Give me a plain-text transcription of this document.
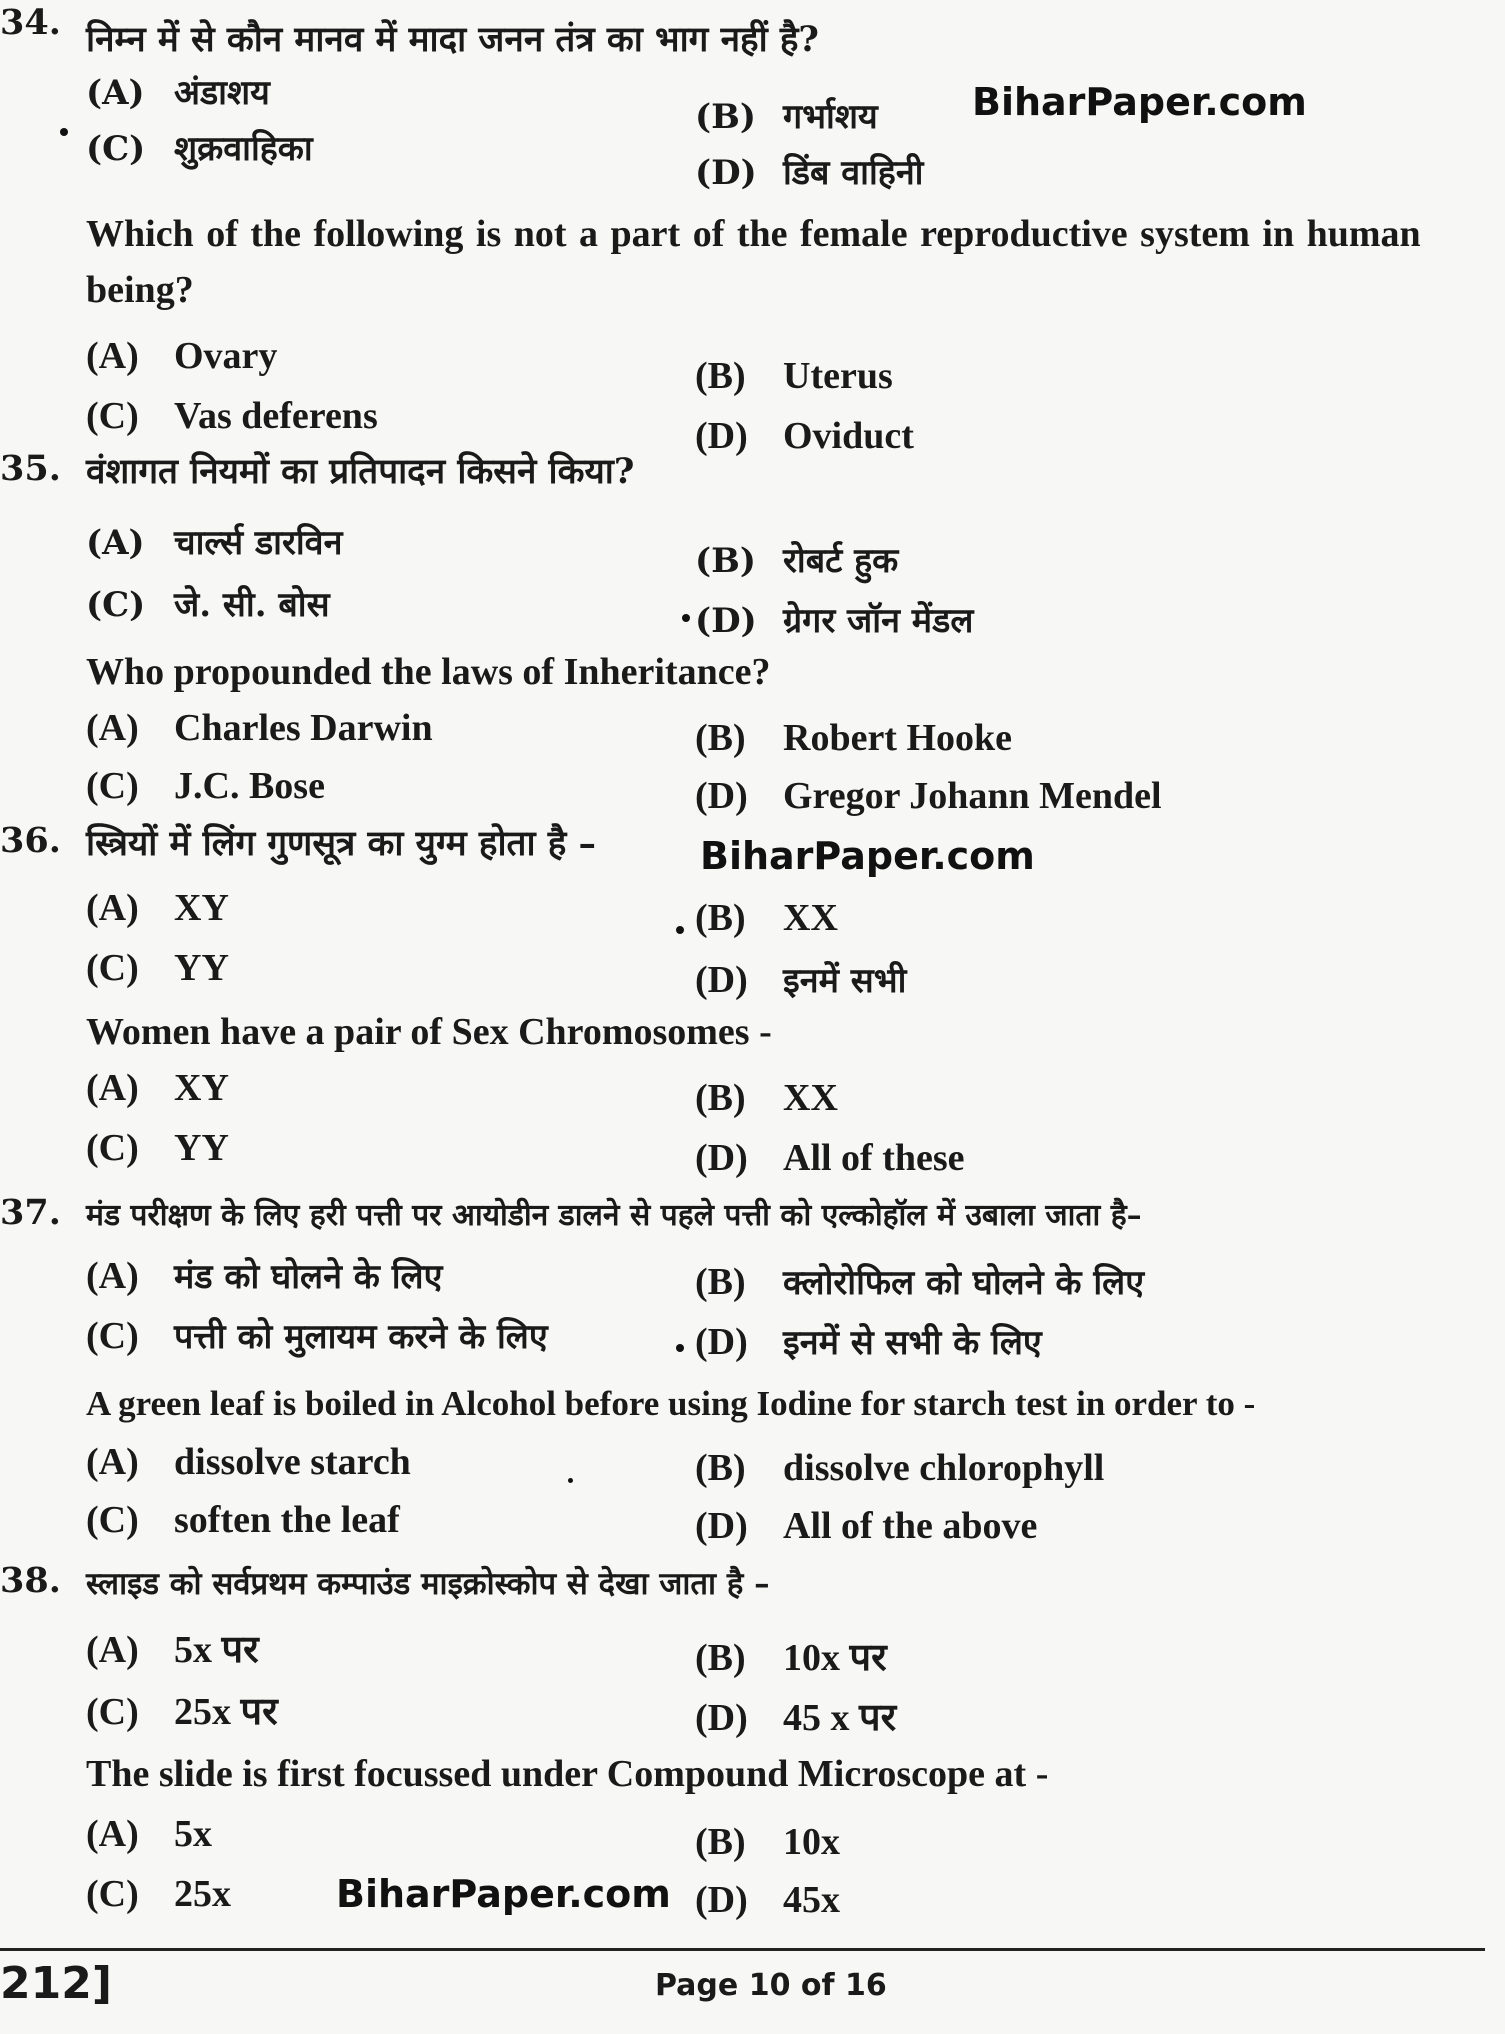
34. निम्न में से कौन मानव में मादा जनन तंत्र का भाग नहीं है?
(A) अंडाशय
(B) गर्भाशय BiharPaper.com
(C) शुक्रवाहिका
(D) डिंब वाहिनी
Which of the following is not a part of the female reproductive system in human
being?
(A) Ovary	(B) Uterus
(C) Vas deferens	(D) Oviduct
35. वंशागत नियमों का प्रतिपादन किसने किया?
(A) चार्ल्स डारविन	(B) रोबर्ट हुक
(C) जे. सी. बोस	(D) ग्रेगर जॉन मेंडल
Who propounded the laws of Inheritance?
(A) Charles Darwin	(B) Robert Hooke
(C) J.C. Bose	(D) Gregor Johann Mendel
36. स्त्रियों में लिंग गुणसूत्र का युग्म होता है –	BiharPaper.com
(A) XY	(B) XX
(C) YY	(D) इनमें सभी
Women have a pair of Sex Chromosomes -
(A) XY	(B) XX
(C) YY	(D) All of these
37. मंड परीक्षण के लिए हरी पत्ती पर आयोडीन डालने से पहले पत्ती को एल्कोहॉल में उबाला जाता है–
(A) मंड को घोलने के लिए	(B) क्लोरोफिल को घोलने के लिए
(C) पत्ती को मुलायम करने के लिए	(D) इनमें से सभी के लिए
A green leaf is boiled in Alcohol before using Iodine for starch test in order to -
(A) dissolve starch	(B) dissolve chlorophyll
(C) soften the leaf	(D) All of the above
38. स्लाइड को सर्वप्रथम कम्पाउंड माइक्रोस्कोप से देखा जाता है –
(A) 5x पर	(B) 10x पर
(C) 25x पर	(D) 45 x पर
The slide is first focussed under Compound Microscope at -
(A) 5x	(B) 10x
(C) 25x	BiharPaper.com (D) 45x
212]	Page 10 of 16
